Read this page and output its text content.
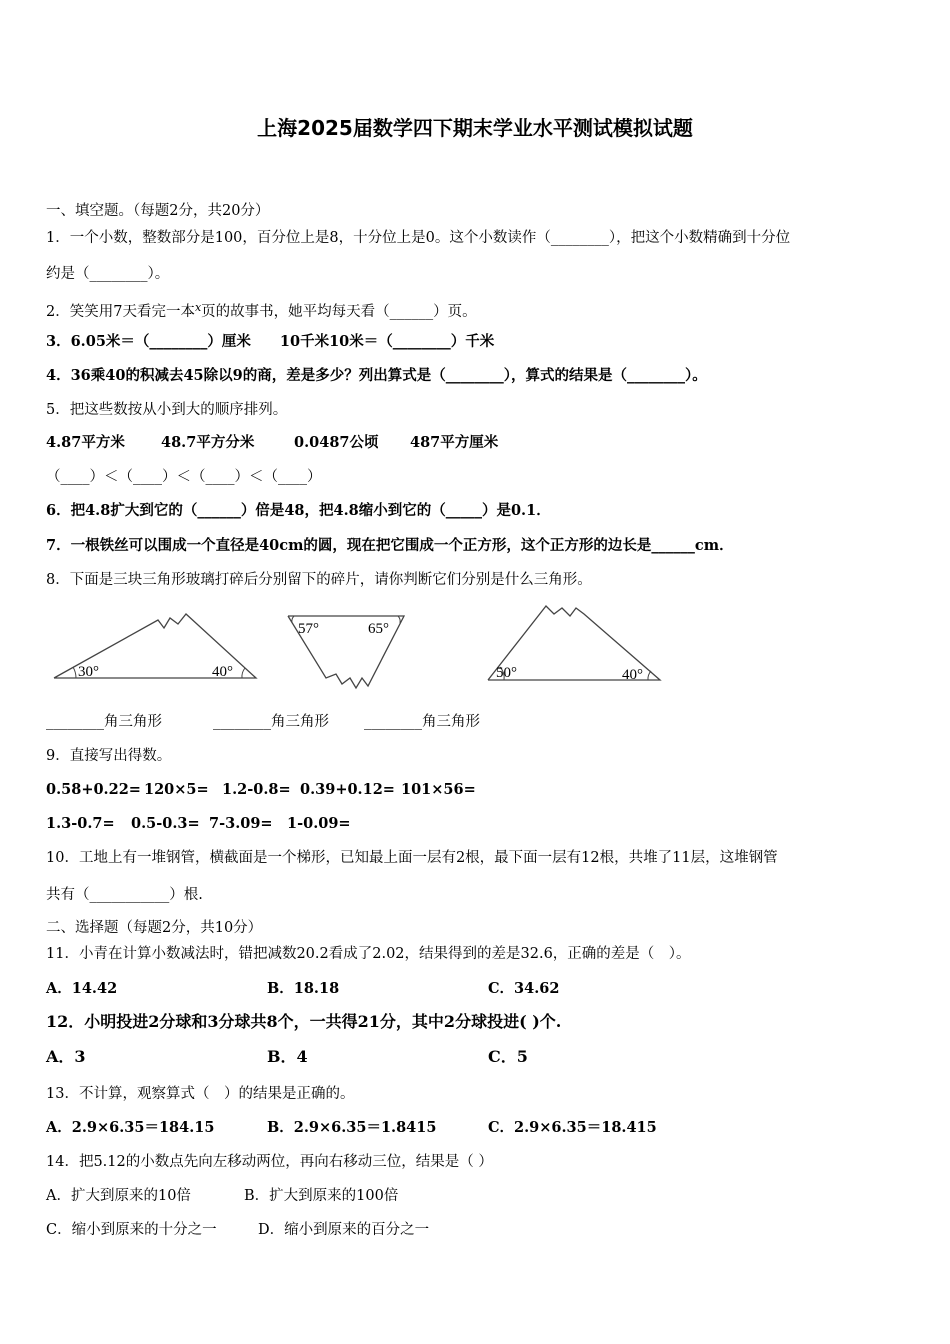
上海2025届数学四下期末学业水平测试模拟试题
一、填空题。（每题2分，共20分）
1．一个小数，整数部分是100，百分位上是8，十分位上是0。这个小数读作（________），把这个小数精确到十分位
约是（________）。
2．笑笑用7天看完一本$^x$页的故事书，她平均每天看（______）页。
3．6.05米＝（________）厘米　　10千米10米＝（________）千米
4．36乘40的积减去45除以9的商，差是多少？列出算式是（________），算式的结果是（________）。
5．把这些数按从小到大的顺序排列。
4.87平方米 48.7平方分米	0.0487公顷 487平方厘米
（____）＜（____）＜（____）＜（____）
6．把4.8扩大到它的（______）倍是48，把4.8缩小到它的（_____）是0.1．
7．一根铁丝可以围成一个直径是40cm的圆，现在把它围成一个正方形，这个正方形的边长是______cm．
8．下面是三块三角形玻璃打碎后分别留下的碎片，请你判断它们分别是什么三角形。
30°	40°
57°	65°
50°	40°
________角三角形	________角三角形 ________角三角形
9．直接写出得数。
0.58+0.22= 120×5= 1.2-0.8= 0.39+0.12= 101×56=
1.3-0.7= 0.5-0.3= 7-3.09= 1-0.09=
10．工地上有一堆钢管，横截面是一个梯形，已知最上面一层有2根，最下面一层有12根，共堆了11层，这堆钢管
共有（___________）根.
二、选择题（每题2分，共10分）
11．小青在计算小数减法时，错把减数20.2看成了2.02，结果得到的差是32.6，正确的差是（　）。
A．14.42	B．18.18	C．34.62
12．小明投进2分球和3分球共8个，一共得21分，其中2分球投进( )个.
A．3	B．4	C．5
13．不计算，观察算式（　）的结果是正确的。
A．2.9×6.35＝184.15	B．2.9×6.35＝1.8415	C．2.9×6.35＝18.415
14．把5.12的小数点先向左移动两位，再向右移动三位，结果是（ ）
A．扩大到原来的10倍	B．扩大到原来的100倍
C．缩小到原来的十分之一	D．缩小到原来的百分之一
